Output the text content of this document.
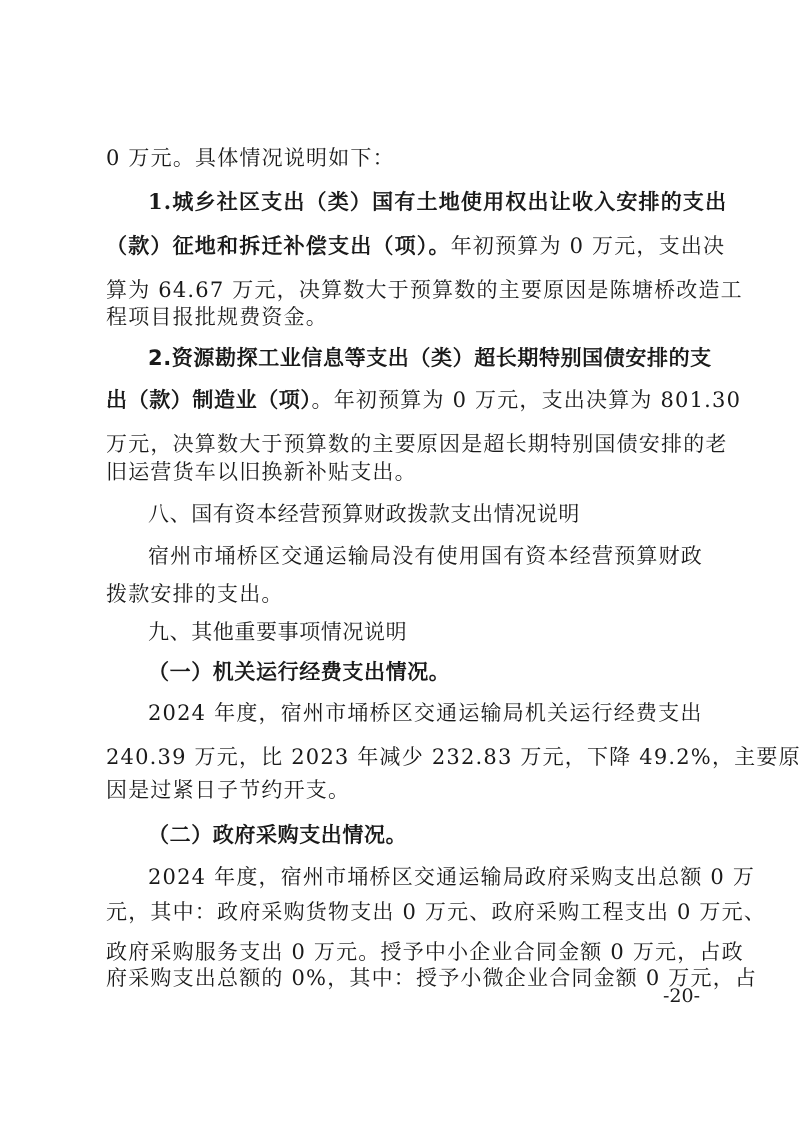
0 万元。具体情况说明如下：
1.城乡社区支出（类）国有土地使用权出让收入安排的支出
（款）征地和拆迁补偿支出（项）。年初预算为 0 万元，支出决
算为 64.67 万元，决算数大于预算数的主要原因是陈塘桥改造工
程项目报批规费资金。
2.资源勘探工业信息等支出（类）超长期特别国债安排的支
出（款）制造业（项）。年初预算为 0 万元，支出决算为 801.30
万元，决算数大于预算数的主要原因是超长期特别国债安排的老
旧运营货车以旧换新补贴支出。
八、国有资本经营预算财政拨款支出情况说明
宿州市埇桥区交通运输局没有使用国有资本经营预算财政
拨款安排的支出。
九、其他重要事项情况说明
（一）机关运行经费支出情况。
2024 年度，宿州市埇桥区交通运输局机关运行经费支出
240.39 万元，比 2023 年减少 232.83 万元，下降 49.2%，主要原
因是过紧日子节约开支。
（二）政府采购支出情况。
2024 年度，宿州市埇桥区交通运输局政府采购支出总额 0 万
元，其中：政府采购货物支出 0 万元、政府采购工程支出 0 万元、
政府采购服务支出 0 万元。授予中小企业合同金额 0 万元，占政
府采购支出总额的 0%，其中：授予小微企业合同金额 0 万元，占
-20-
